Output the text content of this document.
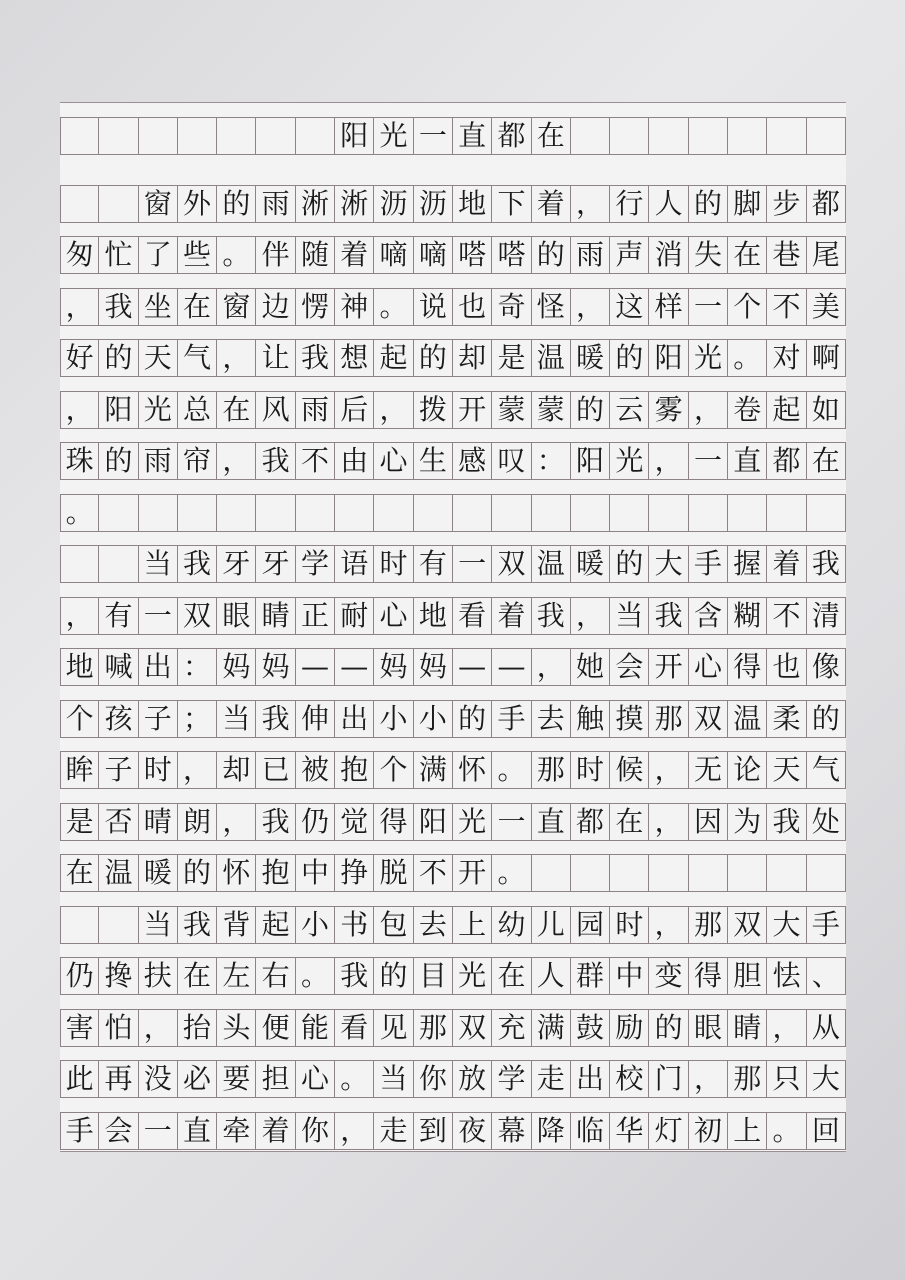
阳 光 一 直 都 在
窗 外 的 雨 淅 淅 沥 沥 地 下 着 ， 行 人 的 脚 步 都
匆 忙 了 些 。 伴 随 着 嘀 嘀 嗒 嗒 的 雨 声 消 失 在 巷 尾
， 我 坐 在 窗 边 愣 神 。 说 也 奇 怪 ， 这 样 一 个 不 美
好 的 天 气 ， 让 我 想 起 的 却 是 温 暖 的 阳 光 。 对 啊
， 阳 光 总 在 风 雨 后 ， 拨 开 蒙 蒙 的 云 雾 ， 卷 起 如
珠 的 雨 帘 ， 我 不 由 心 生 感 叹 ： 阳 光 ， 一 直 都 在
。
当 我 牙 牙 学 语 时 有 一 双 温 暖 的 大 手 握 着 我
， 有 一 双 眼 睛 正 耐 心 地 看 着 我 ， 当 我 含 糊 不 清
地 喊 出 ： 妈 妈 — — 妈 妈 — — ， 她 会 开 心 得 也 像
个 孩 子 ； 当 我 伸 出 小 小 的 手 去 触 摸 那 双 温 柔 的
眸 子 时 ， 却 已 被 抱 个 满 怀 。 那 时 候 ， 无 论 天 气
是 否 晴 朗 ， 我 仍 觉 得 阳 光 一 直 都 在 ， 因 为 我 处
在 温 暖 的 怀 抱 中 挣 脱 不 开 。
当 我 背 起 小 书 包 去 上 幼 儿 园 时 ， 那 双 大 手
仍 搀 扶 在 左 右 。 我 的 目 光 在 人 群 中 变 得 胆 怯 、
害 怕 ， 抬 头 便 能 看 见 那 双 充 满 鼓 励 的 眼 睛 ， 从
此 再 没 必 要 担 心 。 当 你 放 学 走 出 校 门 ， 那 只 大
手 会 一 直 牵 着 你 ， 走 到 夜 幕 降 临 华 灯 初 上 。 回
